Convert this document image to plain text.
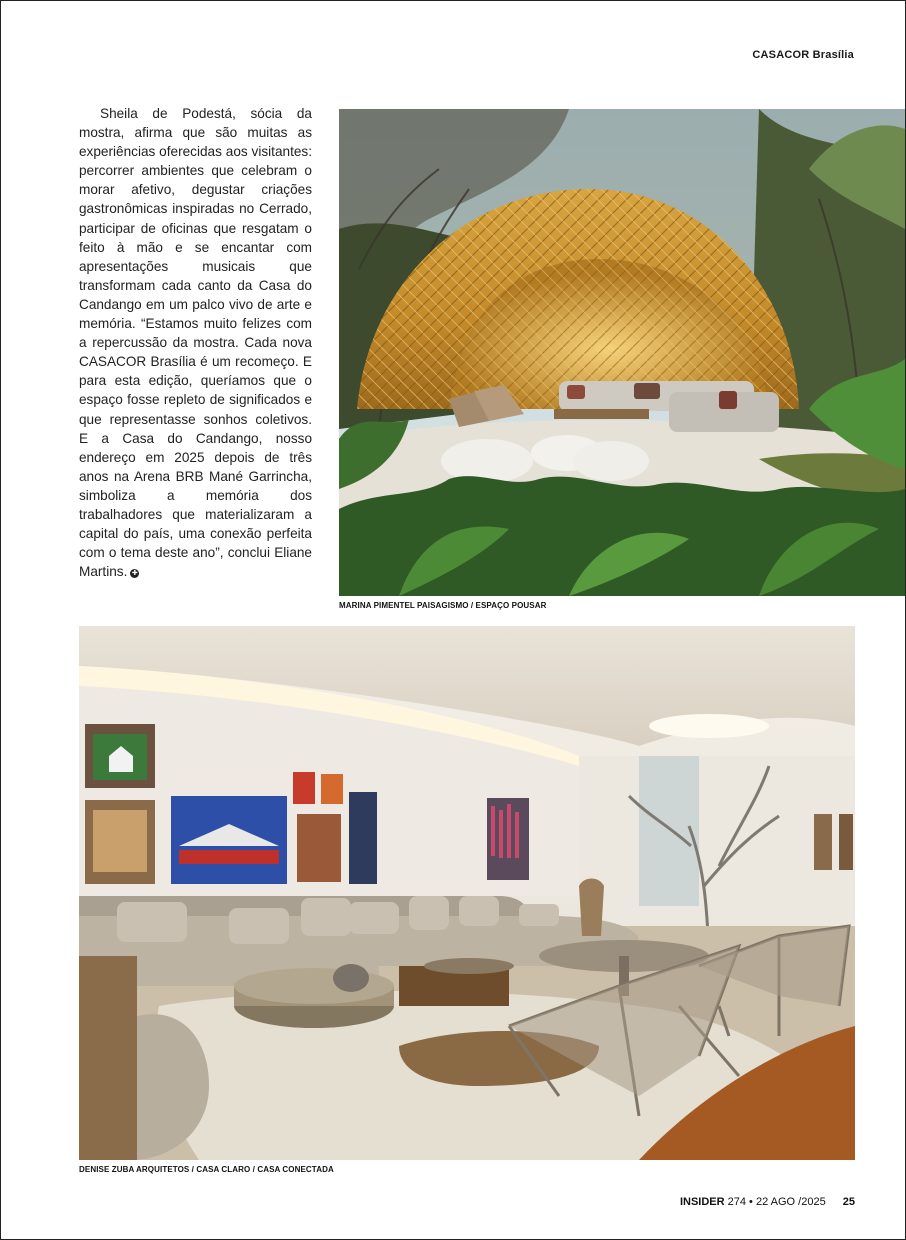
CASACOR Brasília

Sheila de Podestá, sócia da mostra, afirma que são muitas as experiências oferecidas aos visitantes: percorrer ambientes que celebram o morar afetivo, degustar criações gastronômicas inspiradas no Cerrado, participar de oficinas que resgatam o feito à mão e se encantar com apresentações musicais que transformam cada canto da Casa do Candango em um palco vivo de arte e memória. “Estamos muito felizes com a repercussão da mostra. Cada nova CASACOR Brasília é um recomeço. E para esta edição, queríamos que o espaço fosse repleto de significados e que representasse sonhos coletivos. E a Casa do Candango, nosso endereço em 2025 depois de três anos na Arena BRB Mané Garrincha, simboliza a memória dos trabalhadores que materializaram a capital do país, uma conexão perfeita com o tema deste ano”, conclui Eliane Martins. ✚

MARINA PIMENTEL PAISAGISMO / ESPAÇO POUSAR
DENISE ZUBA ARQUITETOS / CASA CLARO / CASA CONECTADA
INSIDER 274 • 22 AGO /2025 25
